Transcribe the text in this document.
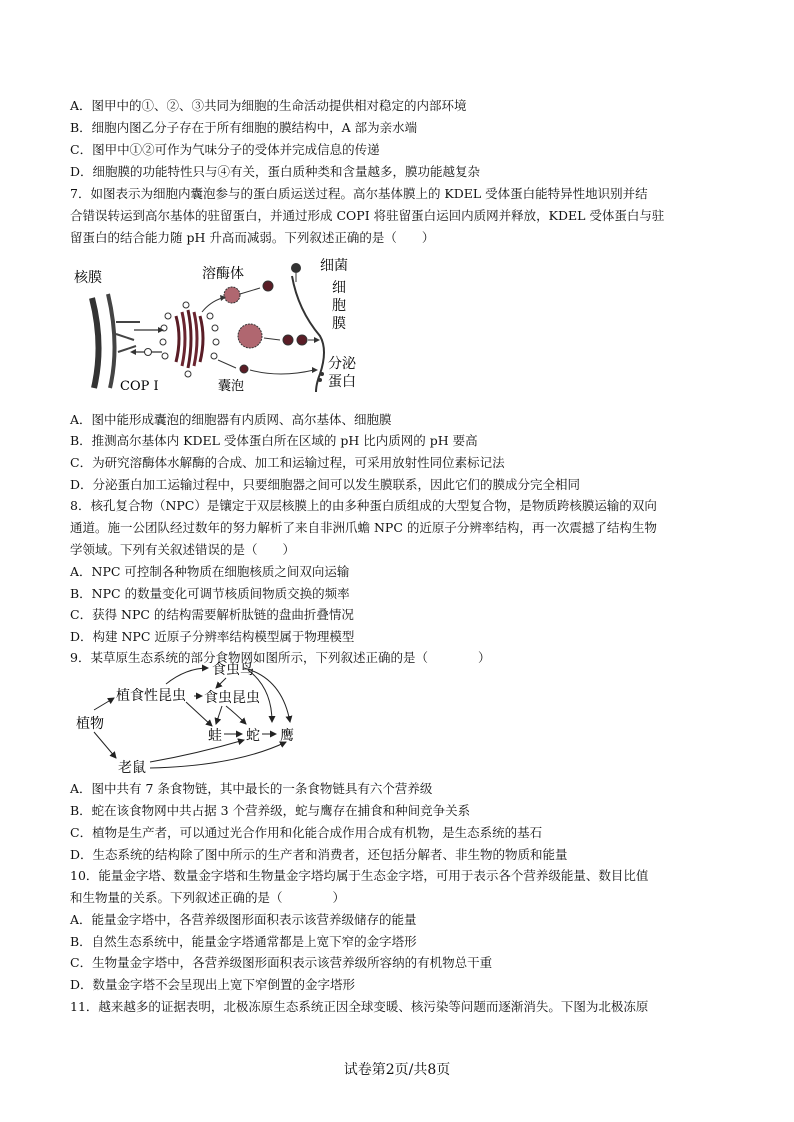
A．图甲中的①、②、③共同为细胞的生命活动提供相对稳定的内部环境
B．细胞内图乙分子存在于所有细胞的膜结构中，A 部为亲水端
C．图甲中①②可作为气味分子的受体并完成信息的传递
D．细胞膜的功能特性只与④有关，蛋白质种类和含量越多，膜功能越复杂
7．如图表示为细胞内囊泡参与的蛋白质运送过程。高尔基体膜上的 KDEL 受体蛋白能特异性地识别并结
合错误转运到高尔基体的驻留蛋白，并通过形成 COPI 将驻留蛋白运回内质网并释放，KDEL 受体蛋白与驻
留蛋白的结合能力随 pH 升高而减弱。下列叙述正确的是（　　）
核膜
COP I
溶酶体	细菌
囊泡
细
胞
膜
分泌
蛋白
A．图中能形成囊泡的细胞器有内质网、高尔基体、细胞膜
B．推测高尔基体内 KDEL 受体蛋白所在区域的 pH 比内质网的 pH 要高
C．为研究溶酶体水解酶的合成、加工和运输过程，可采用放射性同位素标记法
D．分泌蛋白加工运输过程中，只要细胞器之间可以发生膜联系，因此它们的膜成分完全相同
8．核孔复合物（NPC）是镶定于双层核膜上的由多种蛋白质组成的大型复合物，是物质跨核膜运输的双向
通道。施一公团队经过数年的努力解析了来自非洲爪蟾 NPC 的近原子分辨率结构，再一次震撼了结构生物
学领域。下列有关叙述错误的是（　　）
A．NPC 可控制各种物质在细胞核质之间双向运输
B．NPC 的数量变化可调节核质间物质交换的频率
C．获得 NPC 的结构需要解析肽链的盘曲折叠情况
D．构建 NPC 近原子分辨率结构模型属于物理模型
9．某草原生态系统的部分食物网如图所示，下列叙述正确的是（　　　　）
植物
植食性昆虫
食虫鸟
食虫昆虫
蛙 蛇 鹰
老鼠
A．图中共有 7 条食物链，其中最长的一条食物链具有六个营养级
B．蛇在该食物网中共占据 3 个营养级，蛇与鹰存在捕食和种间竞争关系
C．植物是生产者，可以通过光合作用和化能合成作用合成有机物，是生态系统的基石
D．生态系统的结构除了图中所示的生产者和消费者，还包括分解者、非生物的物质和能量
10．能量金字塔、数量金字塔和生物量金字塔均属于生态金字塔，可用于表示各个营养级能量、数目比值
和生物量的关系。下列叙述正确的是（　　　　）
A．能量金字塔中，各营养级图形面积表示该营养级储存的能量
B．自然生态系统中，能量金字塔通常都是上宽下窄的金字塔形
C．生物量金字塔中，各营养级图形面积表示该营养级所容纳的有机物总干重
D．数量金字塔不会呈现出上宽下窄倒置的金字塔形
11．越来越多的证据表明，北极冻原生态系统正因全球变暖、核污染等问题而逐渐消失。下图为北极冻原
试卷第2页/共8页
